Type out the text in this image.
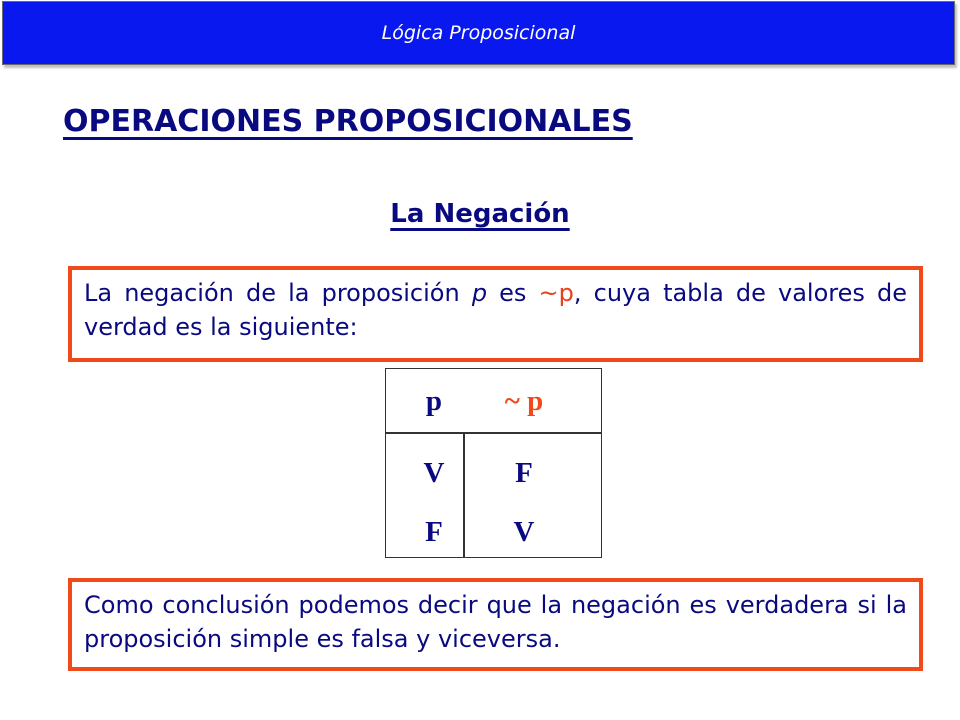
Lógica Proposicional
OPERACIONES PROPOSICIONALES
La Negación
La negación de la proposición p es ~p, cuya tabla de valores de verdad es la siguiente:
p	~ p
V	F
F	V
Como conclusión podemos decir que la negación es verdadera si la proposición simple es falsa y viceversa.
